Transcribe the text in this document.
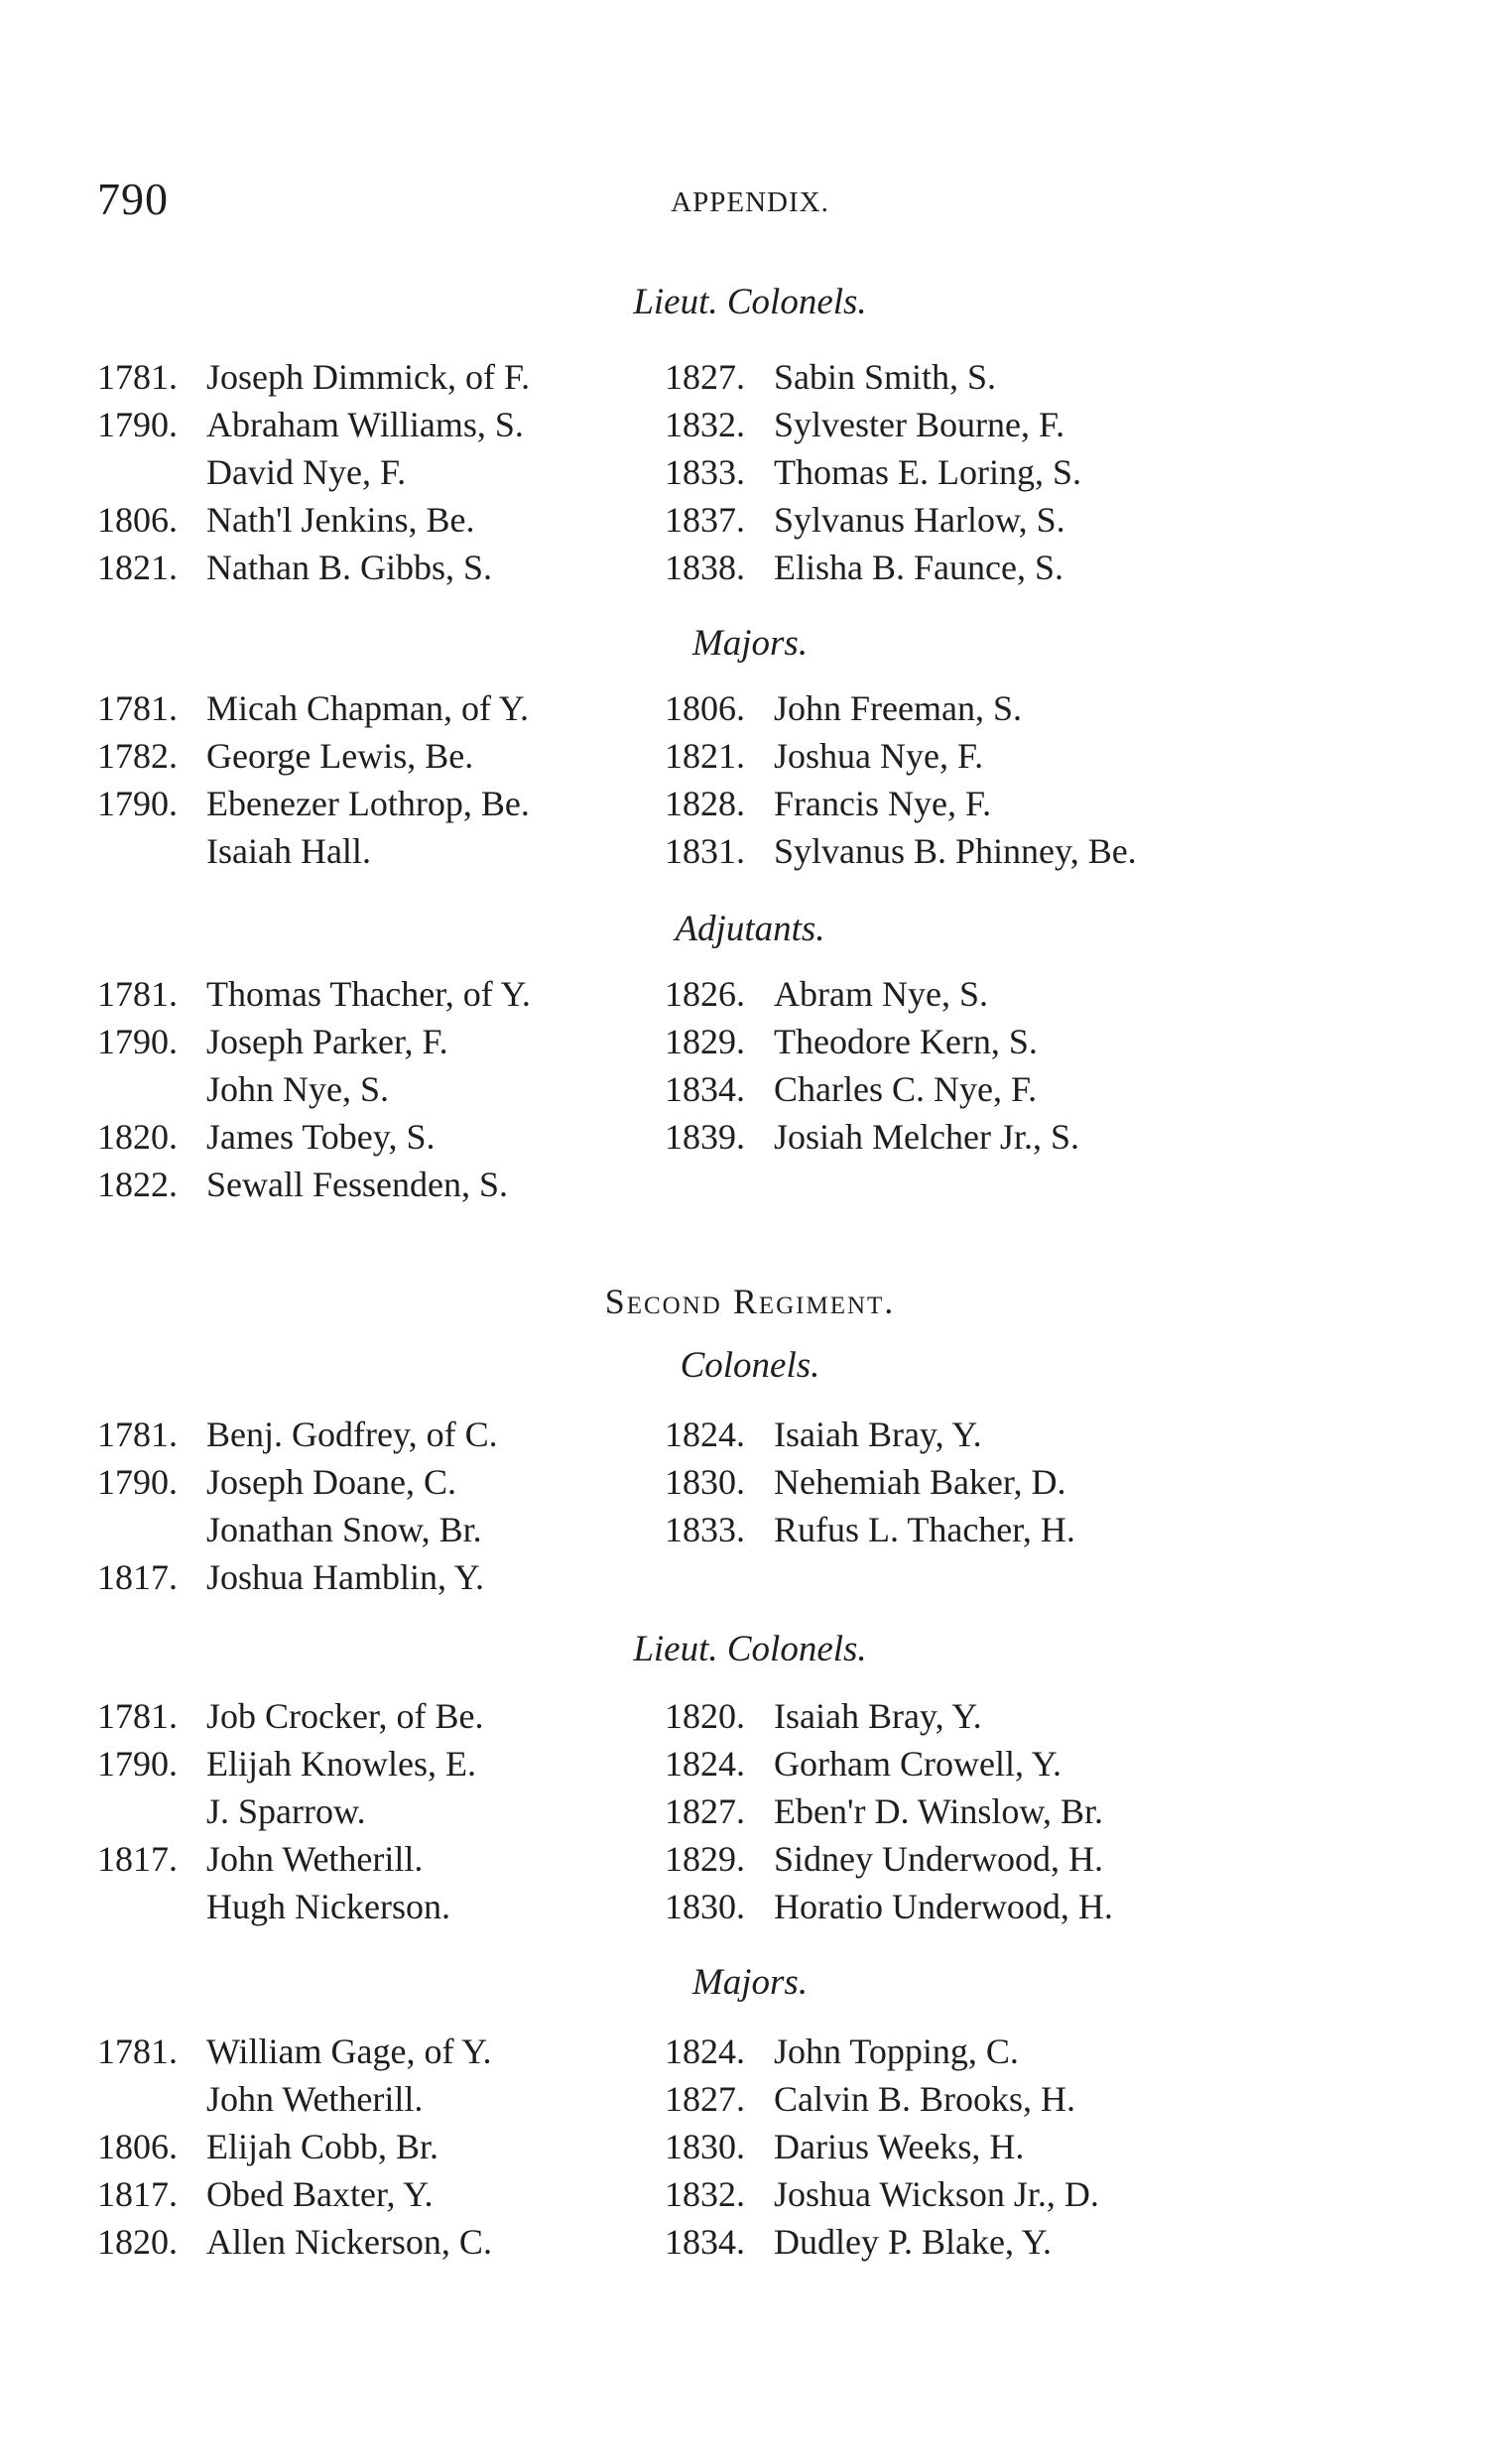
790	APPENDIX.
Lieut. Colonels.
Majors.
Adjutants.
Second Regiment.
Colonels.
Lieut. Colonels.
Majors.
1781. Joseph Dimmick, of F.
1790. Abraham Williams, S.
David Nye, F.
1806. Nath'l Jenkins, Be.
1821. Nathan B. Gibbs, S.
1827. Sabin Smith, S.
1832. Sylvester Bourne, F.
1833. Thomas E. Loring, S.
1837. Sylvanus Harlow, S.
1838. Elisha B. Faunce, S.
1781. Micah Chapman, of Y.
1782. George Lewis, Be.
1790. Ebenezer Lothrop, Be.
Isaiah Hall.
1806. John Freeman, S.
1821. Joshua Nye, F.
1828. Francis Nye, F.
1831. Sylvanus B. Phinney, Be.
1781. Thomas Thacher, of Y.
1790. Joseph Parker, F.
John Nye, S.
1820. James Tobey, S.
1822. Sewall Fessenden, S.
1826. Abram Nye, S.
1829. Theodore Kern, S.
1834. Charles C. Nye, F.
1839. Josiah Melcher Jr., S.
1781. Benj. Godfrey, of C.
1790. Joseph Doane, C.
Jonathan Snow, Br.
1817. Joshua Hamblin, Y.
1824. Isaiah Bray, Y.
1830. Nehemiah Baker, D.
1833. Rufus L. Thacher, H.
1781. Job Crocker, of Be.
1790. Elijah Knowles, E.
J. Sparrow.
1817. John Wetherill.
Hugh Nickerson.
1820. Isaiah Bray, Y.
1824. Gorham Crowell, Y.
1827. Eben'r D. Winslow, Br.
1829. Sidney Underwood, H.
1830. Horatio Underwood, H.
1781. William Gage, of Y.
John Wetherill.
1806. Elijah Cobb, Br.
1817. Obed Baxter, Y.
1820. Allen Nickerson, C.
1824. John Topping, C.
1827. Calvin B. Brooks, H.
1830. Darius Weeks, H.
1832. Joshua Wickson Jr., D.
1834. Dudley P. Blake, Y.
